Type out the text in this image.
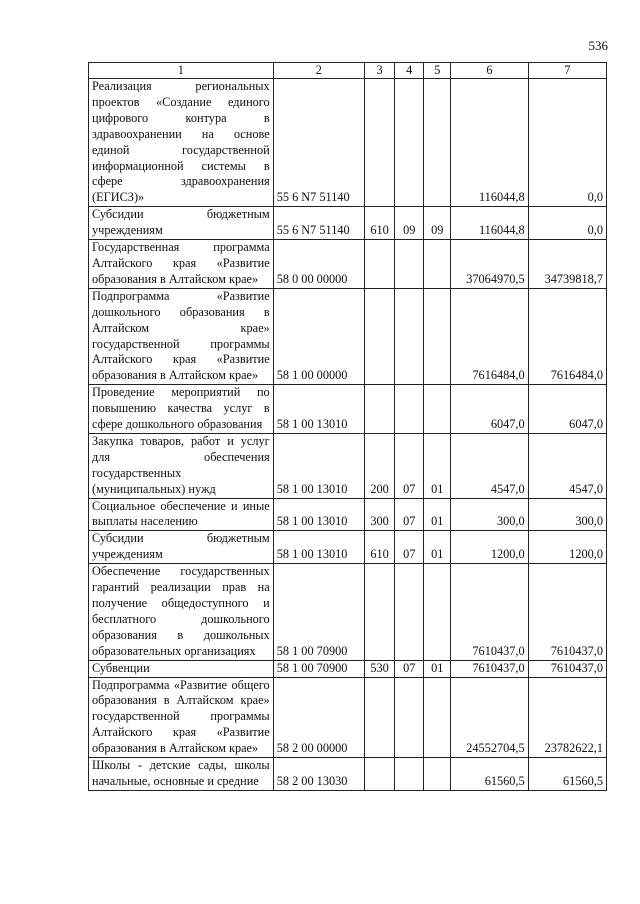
536
1	2	3	4	5	6	7
Реализация региональных проектов «Создание единого цифрового контура в здравоохранении на основе единой государственной информационной системы в сфере здравоохранения (ЕГИСЗ)»	55 6 N7 51140				116044,8	0,0
Субсидии бюджетным учреждениям	55 6 N7 51140	610	09	09	116044,8	0,0
Государственная программа Алтайского края «Развитие образования в Алтайском крае»	58 0 00 00000				37064970,5	34739818,7
Подпрограмма «Развитие дошкольного образования в Алтайском крае» государственной программы Алтайского края «Развитие образования в Алтайском крае»	58 1 00 00000				7616484,0	7616484,0
Проведение мероприятий по повышению качества услуг в сфере дошкольного образования	58 1 00 13010				6047,0	6047,0
Закупка товаров, работ и услуг для обеспечения государственных (муниципальных) нужд	58 1 00 13010	200	07	01	4547,0	4547,0
Социальное обеспечение и иные выплаты населению	58 1 00 13010	300	07	01	300,0	300,0
Субсидии бюджетным учреждениям	58 1 00 13010	610	07	01	1200,0	1200,0
Обеспечение государственных гарантий реализации прав на получение общедоступного и бесплатного дошкольного образования в дошкольных образовательных организациях	58 1 00 70900				7610437,0	7610437,0
Субвенции	58 1 00 70900	530	07	01	7610437,0	7610437,0
Подпрограмма «Развитие общего образования в Алтайском крае» государственной программы Алтайского края «Развитие образования в Алтайском крае»	58 2 00 00000				24552704,5	23782622,1
Школы - детские сады, школы начальные, основные и средние	58 2 00 13030				61560,5	61560,5
